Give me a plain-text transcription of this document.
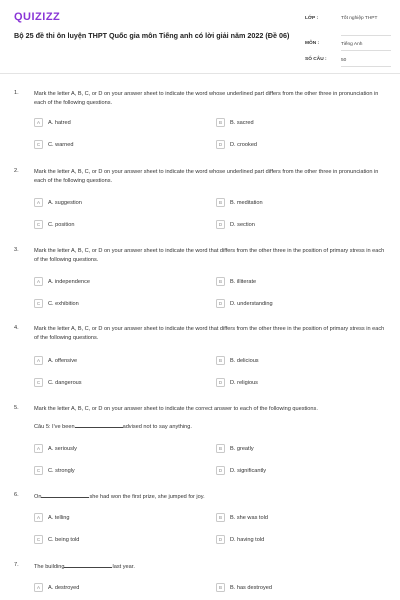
QUIZIZZ
Bộ 25 đề thi ôn luyện THPT Quốc gia môn Tiếng anh có lời giải năm 2022 (Đề 06)
LỚP :	Tốt nghiệp THPT
MÔN :	Tiếng Anh
SỐ CÂU :	50
1.	Mark the letter A, B, C, or D on your answer sheet to indicate the word whose underlined part differs from the other three in pronunciation in each of the following questions.
A	A. hatred	B	B. sacred
C	C. warned	D	D. crooked
2.	Mark the letter A, B, C, or D on your answer sheet to indicate the word whose underlined part differs from the other three in pronunciation in each of the following questions.
A	A. suggestion	B	B. meditation
C	C. position	D	D. section
3.	Mark the letter A, B, C, or D on your answer sheet to indicate the word that differs from the other three in the position of primary stress in each of the following questions.
A	A. independence	B	B. illiterate
C	C. exhibition	D	D. understanding
4.	Mark the letter A, B, C, or D on your answer sheet to indicate the word that differs from the other three in the position of primary stress in each of the following questions.
A	A. offensive	B	B. delicious
C	C. dangerous	D	D. religious
5.	Mark the letter A, B, C, or D on your answer sheet to indicate the correct answer to each of the following questions.
Câu 5: I've been	advised not to say anything.
A	A. seriously	B	B. greatly
C	C. strongly	D	D. significantly
6.	On	she had won the first prize, she jumped for joy.
A	A. telling	B	B. she was told
C	C. being told	D	D. having told
7.	The building	last year.
A	A. destroyed	B	B. has destroyed
